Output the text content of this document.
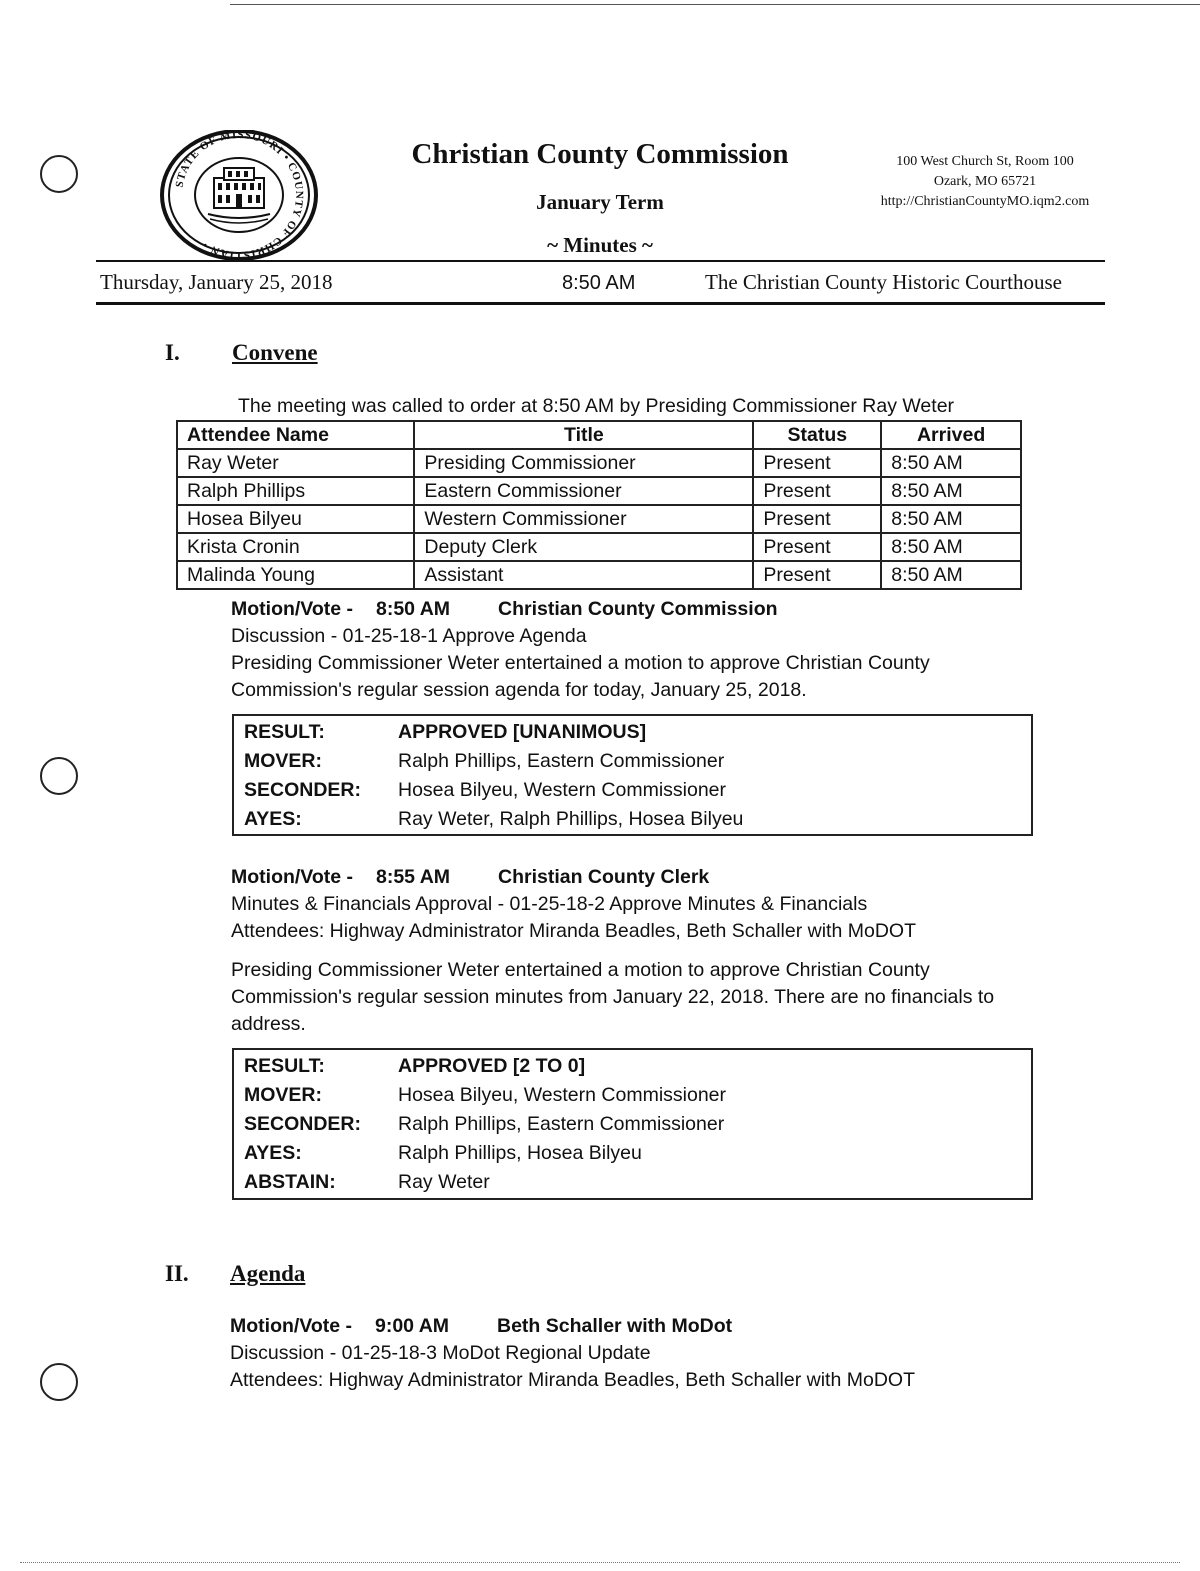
STATE OF MISSOURI • COUNTY OF CHRISTIAN •
Christian County Commission
January Term
~ Minutes ~
100 West Church St, Room 100
Ozark, MO 65721
http://ChristianCountyMO.iqm2.com
Thursday, January 25, 2018	8:50 AM	The Christian County Historic Courthouse
I. Convene
The meeting was called to order at 8:50 AM by Presiding Commissioner Ray Weter
Attendee Name	Title	Status	Arrived
Ray Weter	Presiding Commissioner	Present	8:50 AM
Ralph Phillips	Eastern Commissioner	Present	8:50 AM
Hosea Bilyeu	Western Commissioner	Present	8:50 AM
Krista Cronin	Deputy Clerk	Present	8:50 AM
Malinda Young	Assistant	Present	8:50 AM
Motion/Vote - 8:50 AM Christian County Commission
Discussion - 01-25-18-1 Approve Agenda
Presiding Commissioner Weter entertained a motion to approve Christian County
Commission's regular session agenda for today, January 25, 2018.
RESULT:	APPROVED [UNANIMOUS]
MOVER:	Ralph Phillips, Eastern Commissioner
SECONDER: Hosea Bilyeu, Western Commissioner
AYES:	Ray Weter, Ralph Phillips, Hosea Bilyeu
Motion/Vote - 8:55 AM Christian County Clerk
Minutes & Financials Approval - 01-25-18-2 Approve Minutes & Financials
Attendees: Highway Administrator Miranda Beadles, Beth Schaller with MoDOT
Presiding Commissioner Weter entertained a motion to approve Christian County
Commission's regular session minutes from January 22, 2018. There are no financials to
address.
RESULT:	APPROVED [2 TO 0]
MOVER:	Hosea Bilyeu, Western Commissioner
SECONDER: Ralph Phillips, Eastern Commissioner
AYES:	Ralph Phillips, Hosea Bilyeu
ABSTAIN:	Ray Weter
II. Agenda
Motion/Vote - 9:00 AM Beth Schaller with MoDot
Discussion - 01-25-18-3 MoDot Regional Update
Attendees: Highway Administrator Miranda Beadles, Beth Schaller with MoDOT
